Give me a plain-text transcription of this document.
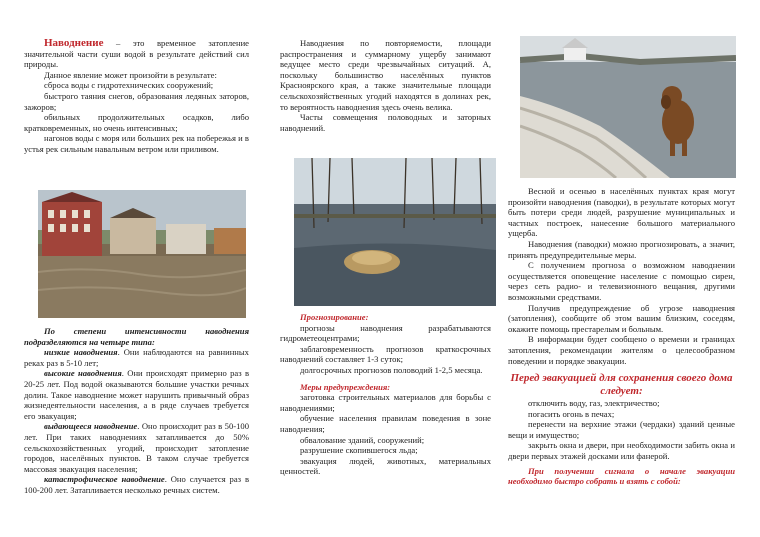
Наводнение – это временное затопление значительной части суши водой в результате действий сил природы.

Данное явление может произойти в результате:

сброса воды с гидротехнических сооружений;

быстрого таяния снегов, образования ледяных заторов, зажоров;

обильных продолжительных осадков, либо кратковременных, но очень интенсивных;

нагонов воды с моря или больших рек на побережья и в устья рек сильным навальным ветром или приливом.

По степени интенсивности наводнения подразделяются на четыре типа:

низкие наводнения. Они наблюдаются на равнинных реках раз в 5-10 лет;

высокие наводнения. Они происходят примерно раз в 20-25 лет. Под водой оказываются большие участки речных долин. Такое наводнение может нарушить привычный образ жизнедеятельности населения, а в ряде случаев требуется его эвакуация;

выдающееся наводнение. Оно происходит раз в 50-100 лет. При таких наводнениях затапливается до 50% сельскохозяйственных угодий, происходит затопление городов, населённых пунктов. В таком случае требуется массовая эвакуация населения;

катастрофическое наводнение. Оно случается раз в 100-200 лет. Затапливается несколько речных систем.

Наводнения по повторяемости, площади распространения и суммарному ущербу занимают ведущее место среди чрезвычайных ситуаций. А, поскольку большинство населённых пунктов Красноярского края, а также значительные площади сельскохозяйственных угодий находятся в долинах рек, то вероятность наводнения здесь очень велика.

Часты совмещения половодных и заторных наводнений.

Прогнозирование:

прогнозы наводнения разрабатываются гидрометеоцентрами;

заблаговременность прогнозов краткосрочных наводнений составляет 1-3 суток;

долгосрочных прогнозов половодий 1-2,5 месяца.

Меры предупреждения:

заготовка строительных материалов для борьбы с наводнениями;

обучение населения правилам поведения в зоне наводнения;

обвалование зданий, сооружений;

разрушение скопившегося льда;

эвакуация людей, животных, материальных ценностей.

Весной и осенью в населённых пунктах края могут произойти наводнения (паводки), в результате которых могут быть потери среди людей, разрушение муниципальных и частных построек, нанесение большого материального ущерба.

Наводнения (паводки) можно прогнозировать, а значит, принять предупредительные меры.

С получением прогноза о возможном наводнении осуществляется оповещение население с помощью сирен, через сеть радио- и телевизионного вещания, другими возможными средствами.

Получив предупреждение об угрозе наводнения (затопления), сообщите об этом вашим близким, соседям, окажите помощь престарелым и больным.

В информации будет сообщено о времени и границах затопления, рекомендации жителям о целесообразном поведении и порядке эвакуации.

Перед эвакуацией для сохранения своего дома следует:

отключить воду, газ, электричество;

погасить огонь в печах;

перенести на верхние этажи (чердаки) зданий ценные вещи и имущество;

закрыть окна и двери, при необходимости забить окна и двери первых этажей досками или фанерой.

При получении сигнала о начале эвакуации необходимо быстро собрать и взять с собой:
